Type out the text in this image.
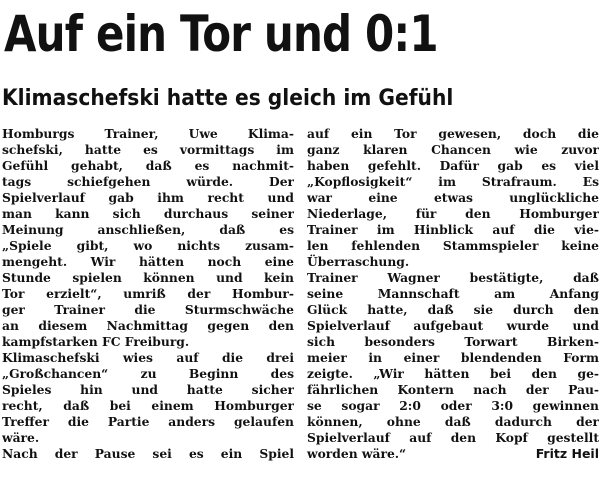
Auf ein Tor und 0:1
Klimaschefski hatte es gleich im Gefühl
Homburgs Trainer, Uwe Klima-
schefski, hatte es vormittags im
Gefühl gehabt, daß es nachmit-
tags schiefgehen würde. Der
Spielverlauf gab ihm recht und
man kann sich durchaus seiner
Meinung anschließen, daß es
„Spiele gibt, wo nichts zusam-
mengeht. Wir hätten noch eine
Stunde spielen können und kein
Tor erzielt“, umriß der Hombur-
ger Trainer die Sturmschwäche
an diesem Nachmittag gegen den
kampfstarken FC Freiburg.
Klimaschefski wies auf die drei
„Großchancen“ zu Beginn des
Spieles hin und hatte sicher
recht, daß bei einem Homburger
Treffer die Partie anders gelaufen
wäre.
Nach der Pause sei es ein Spiel
auf ein Tor gewesen, doch die
ganz klaren Chancen wie zuvor
haben gefehlt. Dafür gab es viel
„Kopflosigkeit“ im Strafraum. Es
war eine etwas unglückliche
Niederlage, für den Homburger
Trainer im Hinblick auf die vie-
len fehlenden Stammspieler keine
Überraschung.
Trainer Wagner bestätigte, daß
seine Mannschaft am Anfang
Glück hatte, daß sie durch den
Spielverlauf aufgebaut wurde und
sich besonders Torwart Birken-
meier in einer blendenden Form
zeigte. „Wir hätten bei den ge-
fährlichen Kontern nach der Pau-
se sogar 2:0 oder 3:0 gewinnen
können, ohne daß dadurch der
Spielverlauf auf den Kopf gestellt
worden wäre.“	Fritz Heil
